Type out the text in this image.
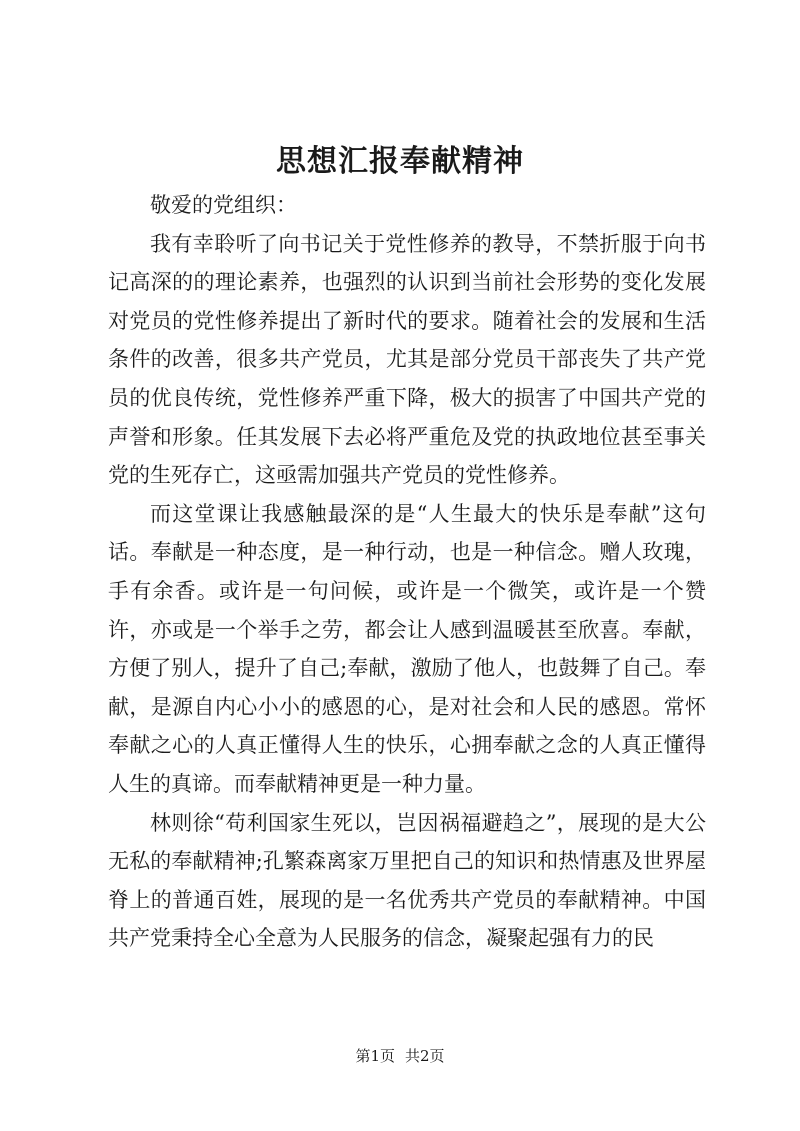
思想汇报奉献精神

敬爱的党组织：

我有幸聆听了向书记关于党性修养的教导，不禁折服于向书记高深的的理论素养，也强烈的认识到当前社会形势的变化发展对党员的党性修养提出了新时代的要求。随着社会的发展和生活条件的改善，很多共产党员，尤其是部分党员干部丧失了共产党员的优良传统，党性修养严重下降，极大的损害了中国共产党的声誉和形象。任其发展下去必将严重危及党的执政地位甚至事关党的生死存亡，这亟需加强共产党员的党性修养。

而这堂课让我感触最深的是“人生最大的快乐是奉献”这句话。奉献是一种态度，是一种行动，也是一种信念。赠人玫瑰，手有余香。或许是一句问候，或许是一个微笑，或许是一个赞许，亦或是一个举手之劳，都会让人感到温暖甚至欣喜。奉献，方便了别人，提升了自己;奉献，激励了他人，也鼓舞了自己。奉献，是源自内心小小的感恩的心，是对社会和人民的感恩。常怀奉献之心的人真正懂得人生的快乐，心拥奉献之念的人真正懂得人生的真谛。而奉献精神更是一种力量。

林则徐“苟利国家生死以，岂因祸福避趋之”，展现的是大公无私的奉献精神;孔繁森离家万里把自己的知识和热情惠及世界屋脊上的普通百姓，展现的是一名优秀共产党员的奉献精神。中国共产党秉持全心全意为人民服务的信念，凝聚起强有力的民

第1页 共2页
